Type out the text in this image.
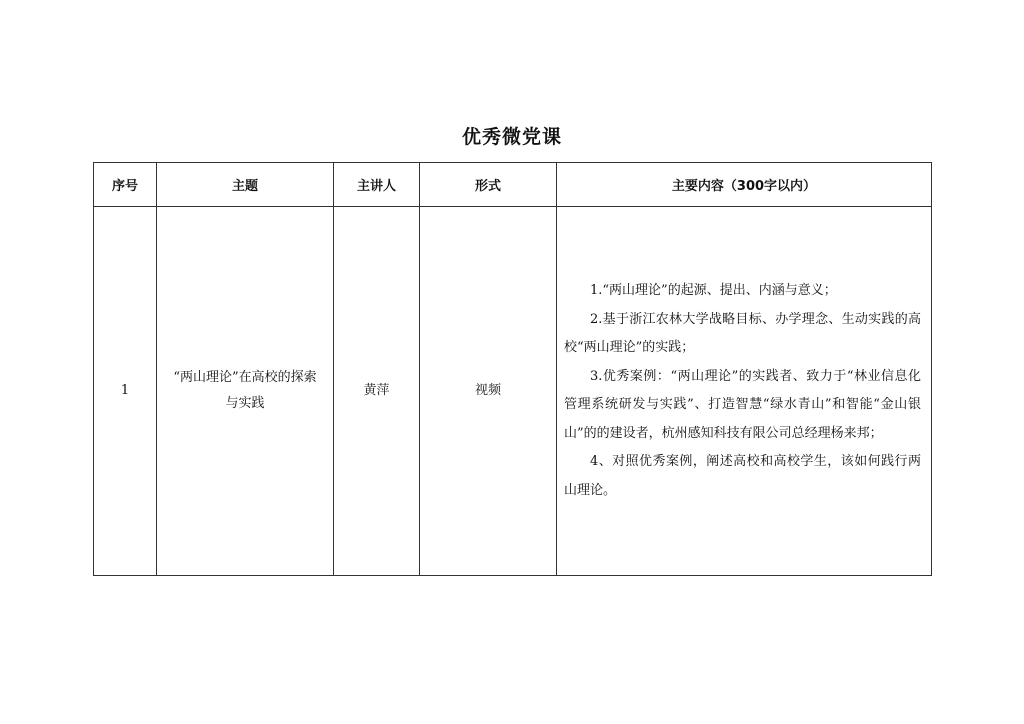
优秀微党课
序号	主题	主讲人	形式	主要内容（300字以内）
1	“两山理论”在高校的探索与实践	黄萍	视频	1.“两山理论”的起源、提出、内涵与意义；

2.基于浙江农林大学战略目标、办学理念、生动实践的高校“两山理论”的实践；

3.优秀案例：“两山理论”的实践者、致力于“林业信息化管理系统研发与实践”、打造智慧“绿水青山”和智能“金山银山”的的建设者，杭州感知科技有限公司总经理杨来邦；

4、对照优秀案例，阐述高校和高校学生，该如何践行两山理论。
